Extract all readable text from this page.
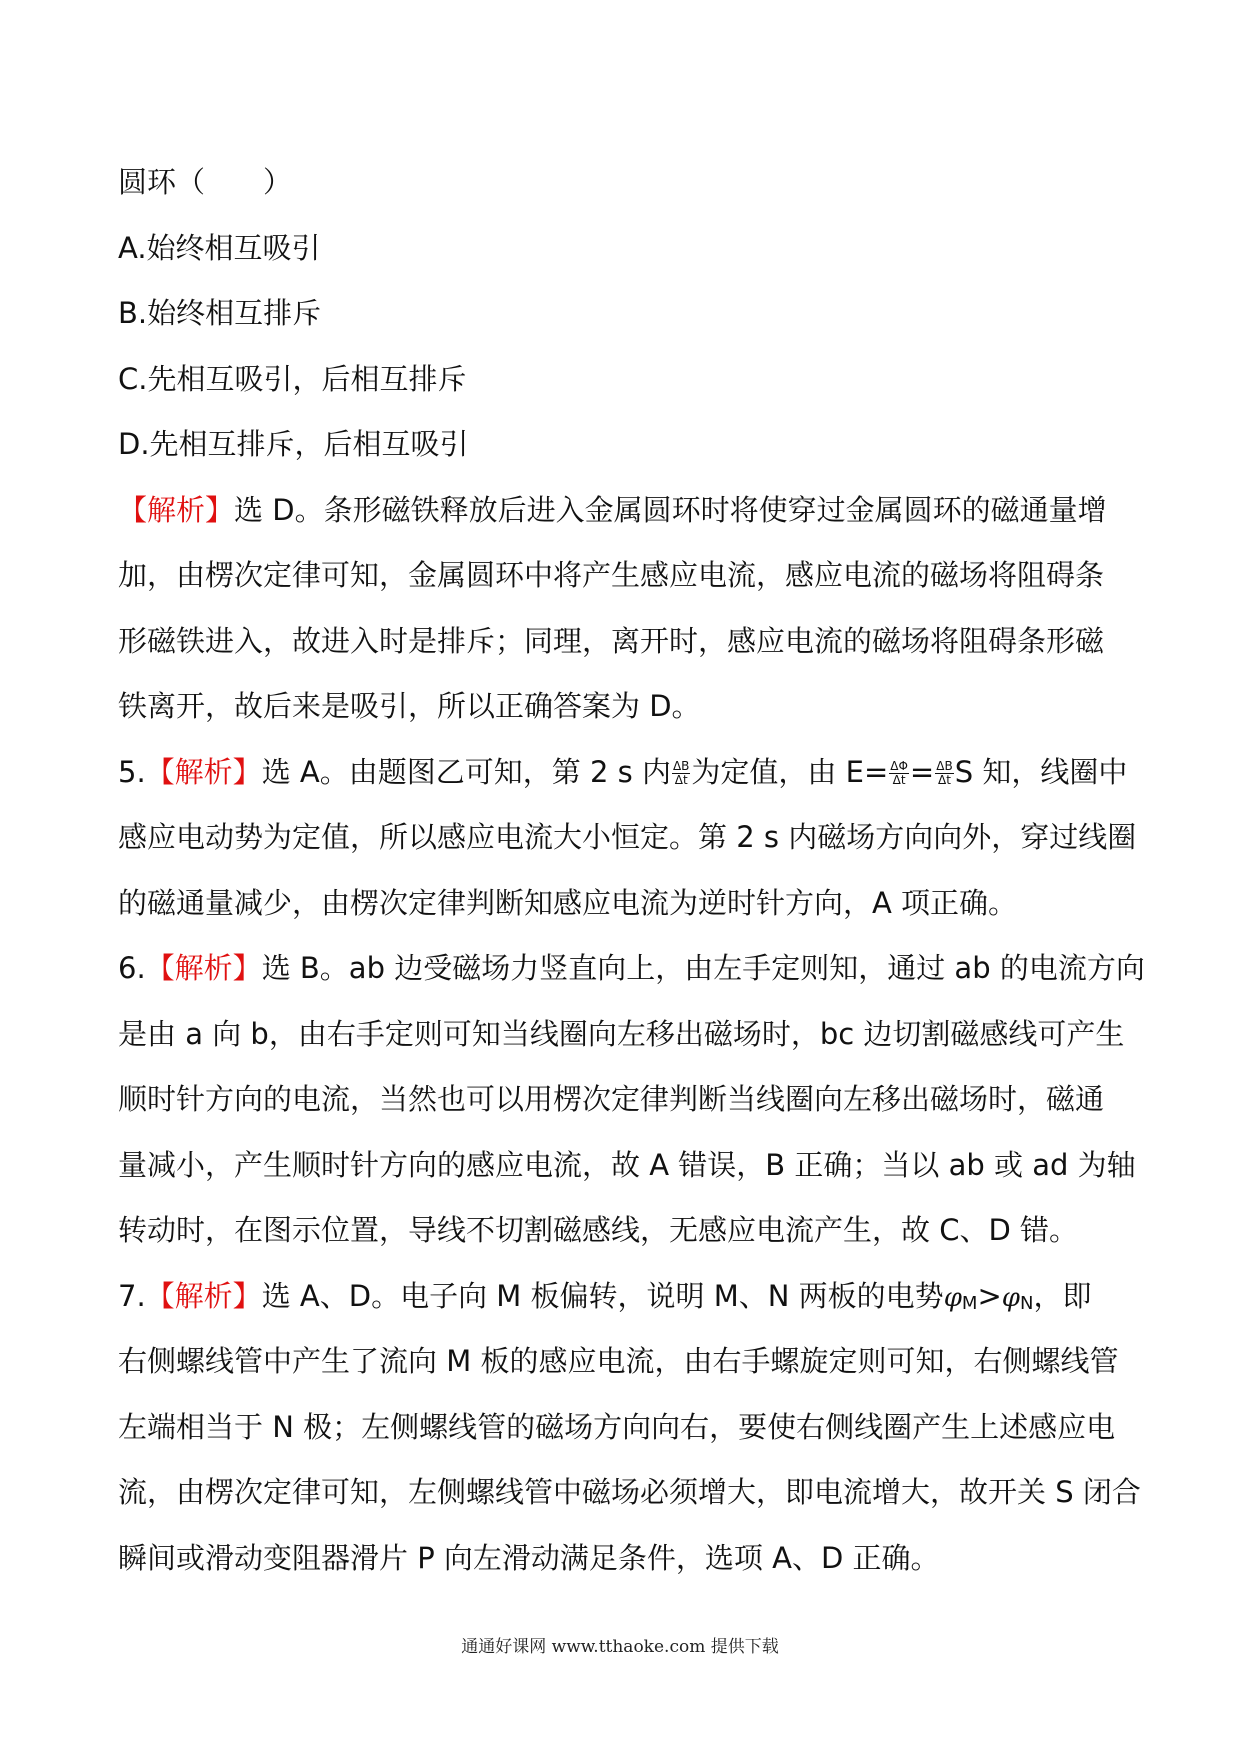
圆环（　　）
A.始终相互吸引
B.始终相互排斥
C.先相互吸引，后相互排斥
D.先相互排斥，后相互吸引
【解析】选 D。条形磁铁释放后进入金属圆环时将使穿过金属圆环的磁通量增
加，由楞次定律可知，金属圆环中将产生感应电流，感应电流的磁场将阻碍条
形磁铁进入，故进入时是排斥；同理，离开时，感应电流的磁场将阻碍条形磁
铁离开，故后来是吸引，所以正确答案为 D。
5.【解析】选 A。由题图乙可知，第 2 s 内 $\frac{\Delta B}{\Delta t}$ 为定值，由 $E= \frac{\Delta\Phi}{\Delta t} = \frac{\Delta B}{\Delta t}$ S 知，线圈中
感应电动势为定值，所以感应电流大小恒定。第 2 s 内磁场方向向外，穿过线圈
的磁通量减少，由楞次定律判断知感应电流为逆时针方向，A 项正确。
6.【解析】选 B。ab 边受磁场力竖直向上，由左手定则知，通过 ab 的电流方向
是由 a 向 b，由右手定则可知当线圈向左移出磁场时，bc 边切割磁感线可产生
顺时针方向的电流，当然也可以用楞次定律判断当线圈向左移出磁场时，磁通
量减小，产生顺时针方向的感应电流，故 A 错误，B 正确；当以 ab 或 ad 为轴
转动时，在图示位置，导线不切割磁感线，无感应电流产生，故 C、D 错。
7.【解析】选 A、D。电子向 M 板偏转，说明 M、N 两板的电势φM>φN，即
右侧螺线管中产生了流向 M 板的感应电流，由右手螺旋定则可知，右侧螺线管
左端相当于 N 极；左侧螺线管的磁场方向向右，要使右侧线圈产生上述感应电
流，由楞次定律可知，左侧螺线管中磁场必须增大，即电流增大，故开关 S 闭合
瞬间或滑动变阻器滑片 P 向左滑动满足条件，选项 A、D 正确。
通通好课网 www.tthaoke.com 提供下载
